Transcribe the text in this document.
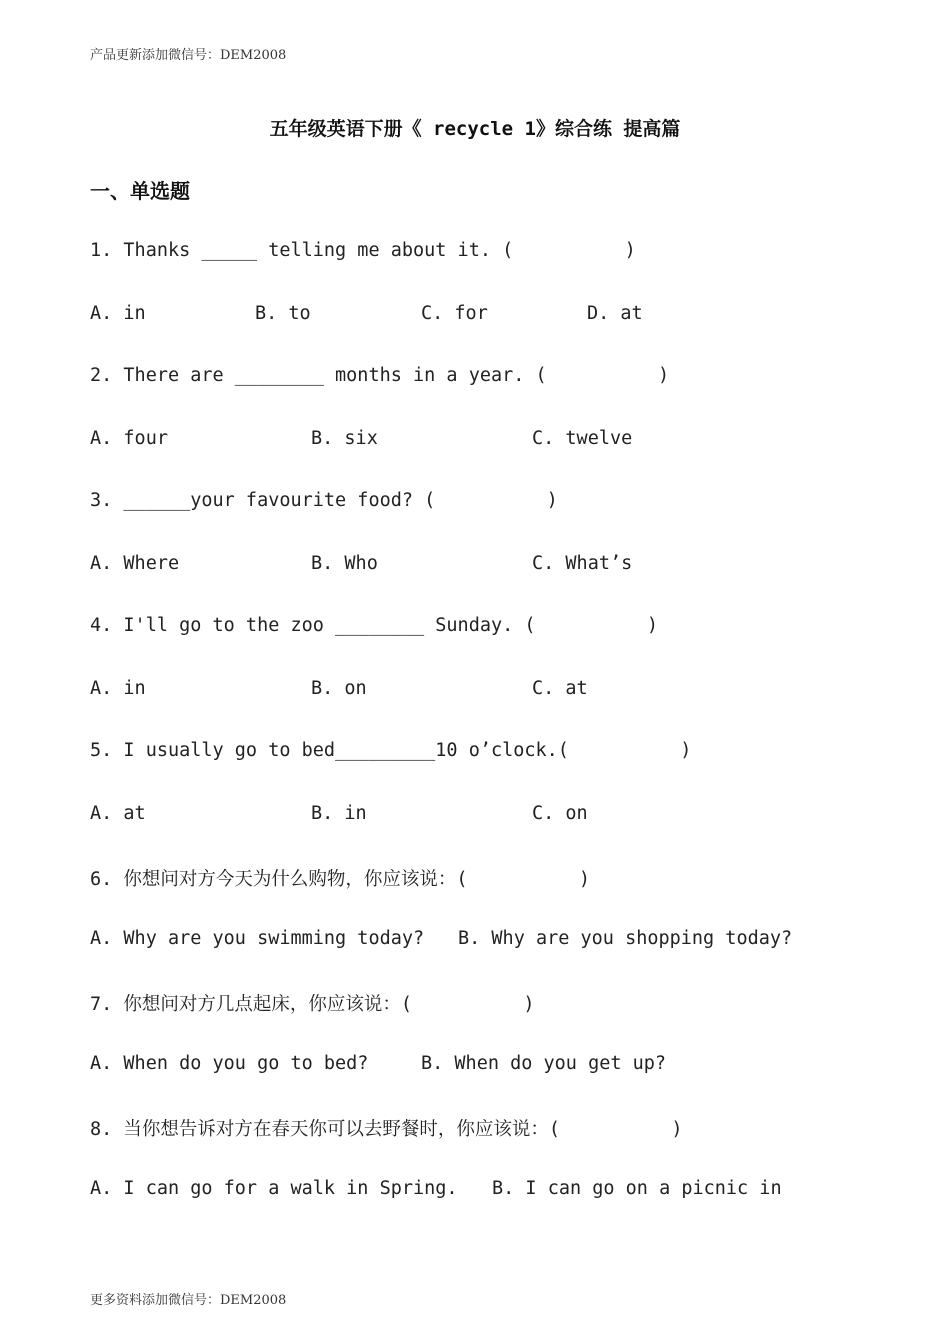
产品更新添加微信号：DEM2008
五年级英语下册《 recycle 1》综合练 提高篇
一、单选题
1. Thanks _____ telling me about it. (          )
A. in	B. to	C. for	D. at
2. There are ________ months in a year. (          )
A. four	B. six	C. twelve
3. ______your favourite food? (          )
A. Where	B. Who	C. What’s
4. I'll go to the zoo ________ Sunday. (          )
A. in	B. on	C. at
5. I usually go to bed_________10 o’clock.(          )
A. at	B. in	C. on
6. 你想问对方今天为什么购物，你应该说：(          )
A. Why are you swimming today? B. Why are you shopping today?
7. 你想问对方几点起床，你应该说：(          )
A. When do you go to bed?	B. When do you get up?
8. 当你想告诉对方在春天你可以去野餐时，你应该说：(          )
A. I can go for a walk in Spring. B. I can go on a picnic in
更多资料添加微信号：DEM2008
